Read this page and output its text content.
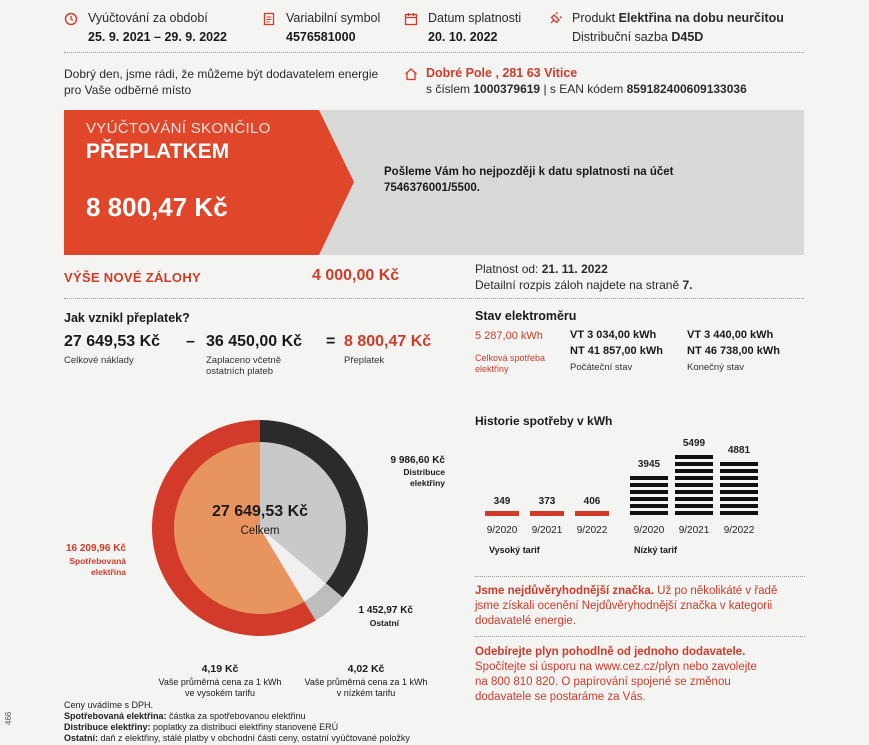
Vyúčtování za období
25. 9. 2021 – 29. 9. 2022
Variabilní symbol
4576581000
Datum splatnosti
20. 10. 2022
Produkt Elektřina na dobu neurčitou
Distribuční sazba D45D
Dobrý den, jsme rádi, že můžeme být dodavatelem energie
pro Vaše odběrné místo
Dobré Pole , 281 63 Vitice
s číslem 1000379619 | s EAN kódem 859182400609133036
VYÚČTOVÁNÍ SKONČILO
PŘEPLATKEM
8 800,47 Kč
Pošleme Vám ho nejpozději k datu splatnosti na účet
7546376001/5500.
VÝŠE NOVÉ ZÁLOHY	4 000,00 Kč	Platnost od: 21. 11. 2022
Detailní rozpis záloh najdete na straně 7.
Jak vznikl přeplatek?
27 649,53 Kč
Celkové náklady
– 36 450,00 Kč
Zaplaceno včetně
ostatních plateb
= 8 800,47 Kč
Přeplatek
Stav elektroměru
5 287,00 kWh
Celková spotřeba
elektřiny
VT 3 034,00 kWh
NT 41 857,00 kWh
Počáteční stav
VT 3 440,00 kWh
NT 46 738,00 kWh
Konečný stav
27 649,53 Kč
Celkem
9 986,60 Kč
Distribuce
elektřiny
16 209,96 Kč
Spotřebovaná
elektřina
1 452,97 Kč
Ostatní
4,19 Kč
Vaše průměrná cena za 1 kWh
ve vysokém tarifu
4,02 Kč
Vaše průměrná cena za 1 kWh
v nízkém tarifu
Historie spotřeby v kWh
349
9/2020
373
9/2021
406
9/2022
3945
9/2020
5499
9/2021
4881
9/2022
Vysoký tarif	Nízký tarif
Jsme nejdůvěryhodnější značka. Už po několikáté v řadě
jsme získali ocenění Nejdůvěryhodnější značka v kategorii
dodavatelé energie.
Odebírejte plyn pohodlně od jednoho dodavatele.
Spočítejte si úsporu na www.cez.cz/plyn nebo zavolejte
na 800 810 820. O papírování spojené se změnou
dodavatele se postaráme za Vás.
Ceny uvádíme s DPH.
Spotřebovaná elektřina: částka za spotřebovanou elektřinu
Distribuce elektřiny: poplatky za distribuci elektřiny stanovené ERÚ
Ostatní: daň z elektřiny, stálé platby v obchodní části ceny, ostatní vyúčtované položky
466
